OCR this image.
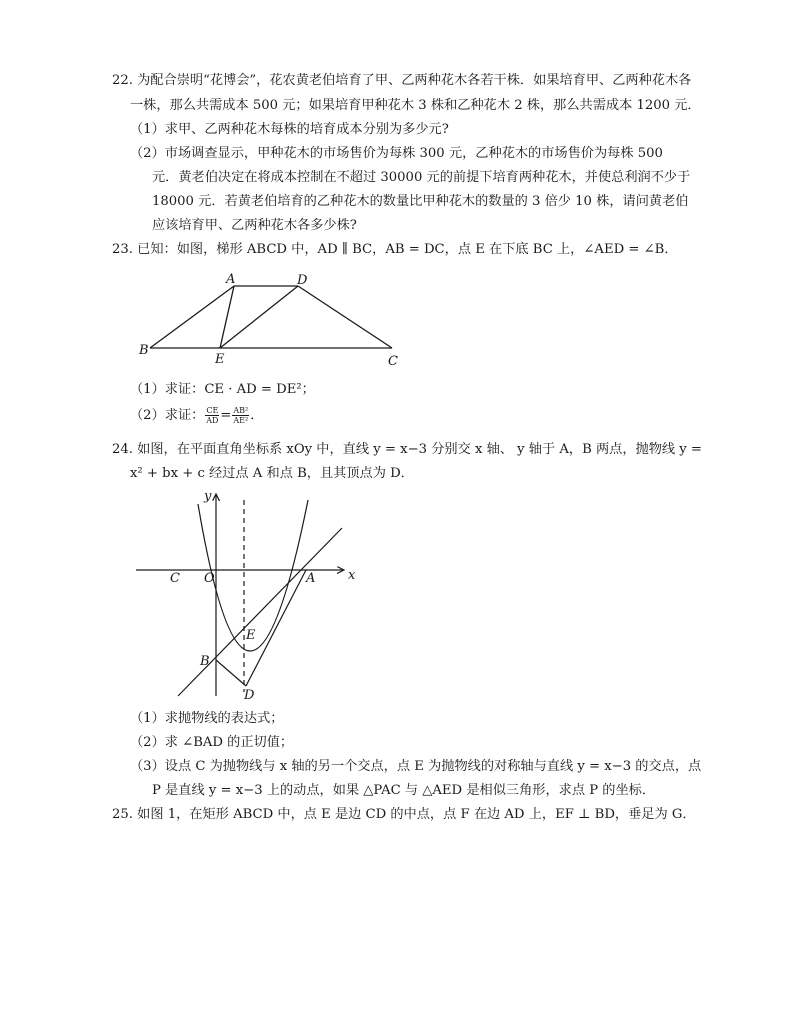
22. 为配合崇明“花博会”，花农黄老伯培育了甲、乙两种花木各若干株．如果培育甲、乙两种花木各
一株，那么共需成本 500 元；如果培育甲种花木 3 株和乙种花木 2 株，那么共需成本 1200 元．
（1）求甲、乙两种花木每株的培育成本分别为多少元?
（2）市场调查显示，甲种花木的市场售价为每株 300 元，乙种花木的市场售价为每株 500
元．黄老伯决定在将成本控制在不超过 30000 元的前提下培育两种花木，并使总利润不少于
18000 元．若黄老伯培育的乙种花木的数量比甲种花木的数量的 3 倍少 10 株，请问黄老伯
应该培育甲、乙两种花木各多少株?
23. 已知：如图，梯形 ABCD 中，AD ∥ BC，AB = DC，点 E 在下底 BC 上，∠AED = ∠B．
A	D
B
E	C
（1）求证：CE · AD = DE²；
（2）求证： $\frac{CE}{AD} = \frac{\text{AB²}}{\text{AE²}}$ ．
24. 如图，在平面直角坐标系 xOy 中，直线 y = x−3 分别交 x 轴、 y 轴于 A，B 两点，抛物线 y =
x² + bx + c 经过点 A 和点 B，且其顶点为 D．
y
x
O
C	A
E
B
D
（1）求抛物线的表达式；
（2）求 ∠BAD 的正切值；
（3）设点 C 为抛物线与 x 轴的另一个交点，点 E 为抛物线的对称轴与直线 y = x−3 的交点，点
P 是直线 y = x−3 上的动点，如果 △PAC 与 △AED 是相似三角形，求点 P 的坐标．
25. 如图 1，在矩形 ABCD 中，点 E 是边 CD 的中点，点 F 在边 AD 上，EF ⊥ BD，垂足为 G．
